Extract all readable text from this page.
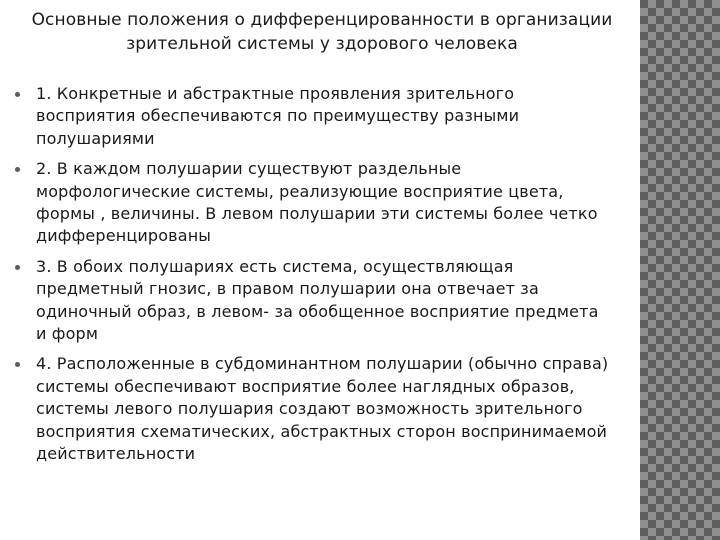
Основные положения о дифференцированности в организации зрительной системы у здорового человека
1. Конкретные и абстрактные проявления зрительного восприятия обеспечиваются по преимуществу разными полушариями
2. В каждом полушарии существуют раздельные морфологические системы, реализующие восприятие цвета, формы , величины. В левом полушарии эти системы более четко дифференцированы
3. В обоих полушариях есть система, осуществляющая предметный гнозис, в правом полушарии она отвечает за одиночный образ, в левом- за обобщенное восприятие предмета и форм
4. Расположенные в субдоминантном полушарии (обычно справа) системы обеспечивают восприятие более наглядных образов, системы левого полушария создают возможность зрительного восприятия схематических, абстрактных сторон воспринимаемой действительности
